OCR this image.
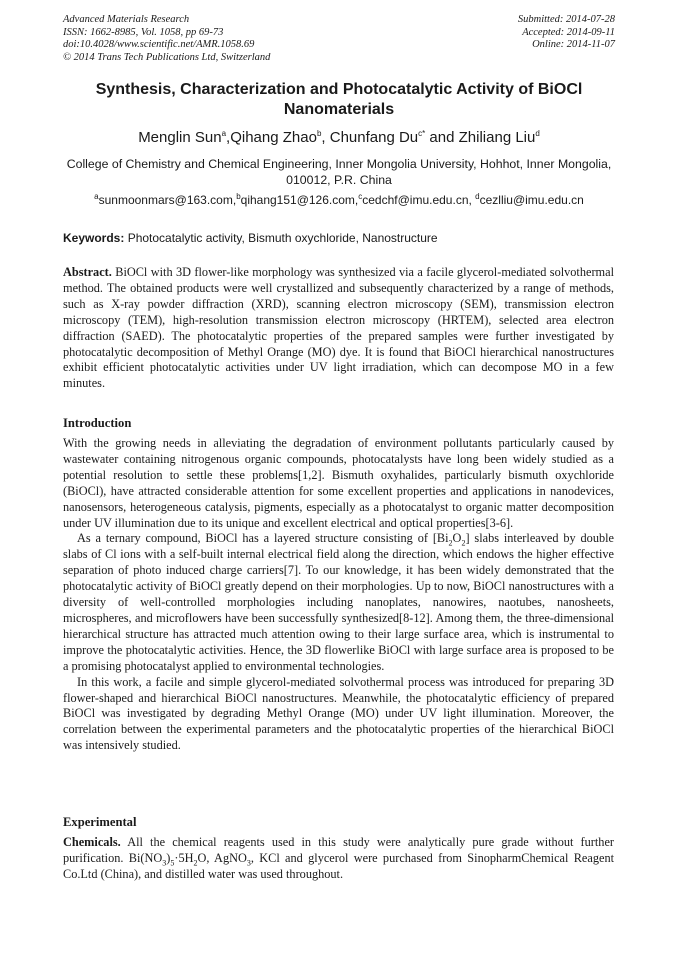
Advanced Materials Research
ISSN: 1662-8985, Vol. 1058, pp 69-73
doi:10.4028/www.scientific.net/AMR.1058.69
© 2014 Trans Tech Publications Ltd, Switzerland
Submitted: 2014-07-28
Accepted: 2014-09-11
Online: 2014-11-07
Synthesis, Characterization and Photocatalytic Activity of BiOCl
Nanomaterials
Menglin Sun$^a$,Qihang Zhao$^b$, Chunfang $Du^{c*}$ and Zhiliang Liu$^d$
College of Chemistry and Chemical Engineering, Inner Mongolia University, Hohhot, Inner Mongolia,
010012, P.R. China
$^a$sunmoonmars@163.com,$^b$qihang151@126.com,$^c$cedchf@imu.edu.cn, $^d$cezlliu@imu.edu.cn
Keywords: Photocatalytic activity, Bismuth oxychloride, Nanostructure

Abstract. BiOCl with 3D flower-like morphology was synthesized via a facile glycerol-mediated solvothermal method. The obtained products were well crystallized and subsequently characterized by a range of methods, such as X-ray powder diffraction (XRD), scanning electron microscopy (SEM), transmission electron microscopy (TEM), high-resolution transmission electron microscopy (HRTEM), selected area electron diffraction (SAED). The photocatalytic properties of the prepared samples were further investigated by photocatalytic decomposition of Methyl Orange (MO) dye. It is found that BiOCl hierarchical nanostructures exhibit efficient photocatalytic activities under UV light irradiation, which can decompose MO in a few minutes.

Introduction

With the growing needs in alleviating the degradation of environment pollutants particularly caused by wastewater containing nitrogenous organic compounds, photocatalysts have long been widely studied as a potential resolution to settle these problems[1,2]. Bismuth oxyhalides, particularly bismuth oxychloride (BiOCl), have attracted considerable attention for some excellent properties and applications in nanodevices, nanosensors, heterogeneous catalysis, pigments, especially as a photocatalyst to organic matter decomposition under UV illumination due to its unique and excellent electrical and optical properties[3-6].

As a ternary compound, BiOCl has a layered structure consisting of $[Bi_2O_2]$ slabs interleaved by double slabs of Cl ions with a self-built internal electrical field along the direction, which endows the higher effective separation of photo induced charge carriers[7]. To our knowledge, it has been widely demonstrated that the photocatalytic activity of BiOCl greatly depend on their morphologies. Up to now, BiOCl nanostructures with a diversity of well-controlled morphologies including nanoplates, nanowires, naotubes, nanosheets, microspheres, and microflowers have been successfully synthesized[8-12]. Among them, the three-dimensional hierarchical structure has attracted much attention owing to their large surface area, which is instrumental to improve the photocatalytic activities. Hence, the 3D flowerlike BiOCl with large surface area is proposed to be a promising photocatalyst applied to environmental technologies.

In this work, a facile and simple glycerol-mediated solvothermal process was introduced for preparing 3D flower-shaped and hierarchical BiOCl nanostructures. Meanwhile, the photocatalytic efficiency of prepared BiOCl was investigated by degrading Methyl Orange (MO) under UV light illumination. Moreover, the correlation between the experimental parameters and the photocatalytic properties of the hierarchical BiOCl was intensively studied.

Experimental

Chemicals. All the chemical reagents used in this study were analytically pure grade without further purification. $Bi(NO_3)_5\cdot 5H_2O$, AgNO$_3$, KCl and glycerol were purchased from SinopharmChemical Reagent Co.Ltd (China), and distilled water was used throughout.
